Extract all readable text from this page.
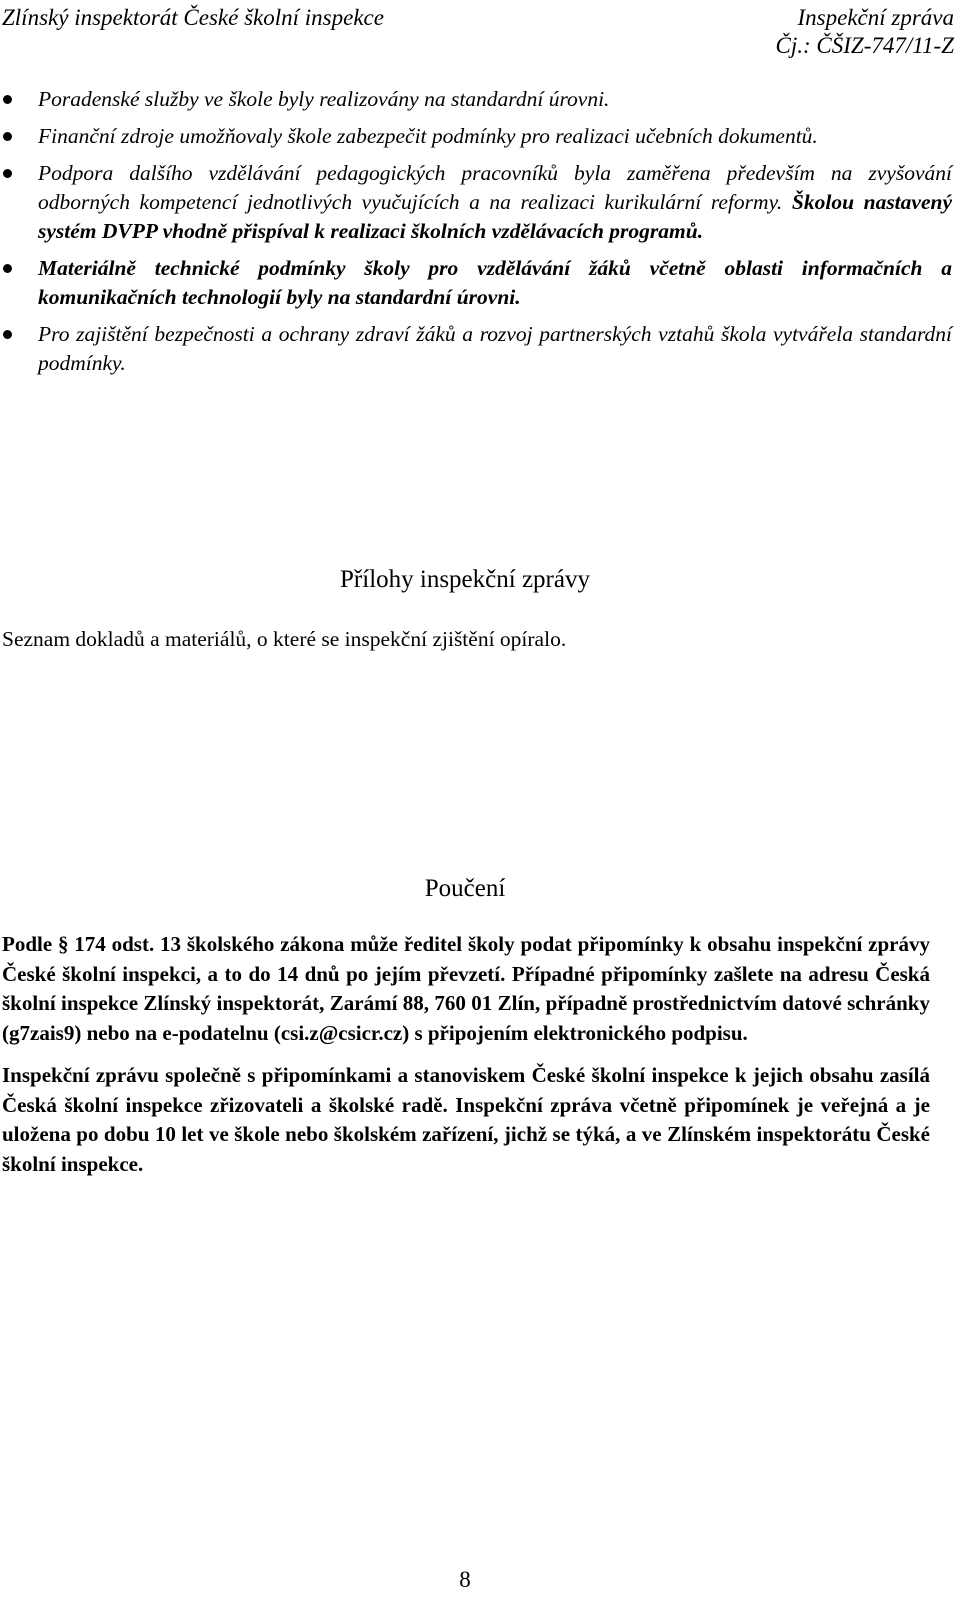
Zlínský inspektorát České školní inspekce	Inspekční zpráva
Čj.: ČŠIZ-747/11-Z
Poradenské služby ve škole byly realizovány na standardní úrovni.
Finanční zdroje umožňovaly škole zabezpečit podmínky pro realizaci učebních dokumentů.
Podpora dalšího vzdělávání pedagogických pracovníků byla zaměřena především na zvyšování odborných kompetencí jednotlivých vyučujících a na realizaci kurikulární reformy. Školou nastavený systém DVPP vhodně přispíval k realizaci školních vzdělávacích programů.
Materiálně technické podmínky školy pro vzdělávání žáků včetně oblasti informačních a komunikačních technologií byly na standardní úrovni.
Pro zajištění bezpečnosti a ochrany zdraví žáků a rozvoj partnerských vztahů škola vytvářela standardní podmínky.
Přílohy inspekční zprávy
Seznam dokladů a materiálů, o které se inspekční zjištění opíralo.
Poučení

Podle § 174 odst. 13 školského zákona může ředitel školy podat připomínky k obsahu inspekční zprávy České školní inspekci, a to do 14 dnů po jejím převzetí. Případné připomínky zašlete na adresu Česká školní inspekce Zlínský inspektorát, Zarámí 88, 760 01 Zlín, případně prostřednictvím datové schránky (g7zais9) nebo na e-podatelnu (csi.z@csicr.cz) s připojením elektronického podpisu.

Inspekční zprávu společně s připomínkami a stanoviskem České školní inspekce k jejich obsahu zasílá Česká školní inspekce zřizovateli a školské radě. Inspekční zpráva včetně připomínek je veřejná a je uložena po dobu 10 let ve škole nebo školském zařízení, jichž se týká, a ve Zlínském inspektorátu České školní inspekce.

8
